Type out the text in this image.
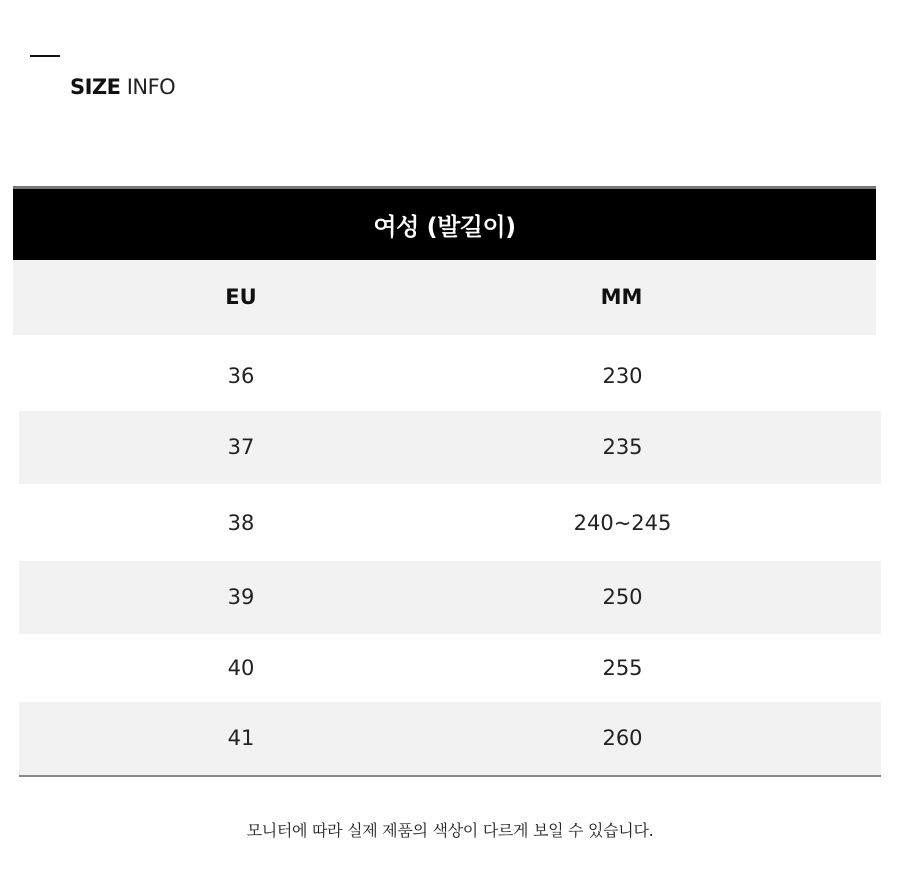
SIZE INFO
여성 (발길이)
EU	MM
36	230
37	235
38	240~245
39	250
40	255
41	260
모니터에 따라 실제 제품의 색상이 다르게 보일 수 있습니다.
